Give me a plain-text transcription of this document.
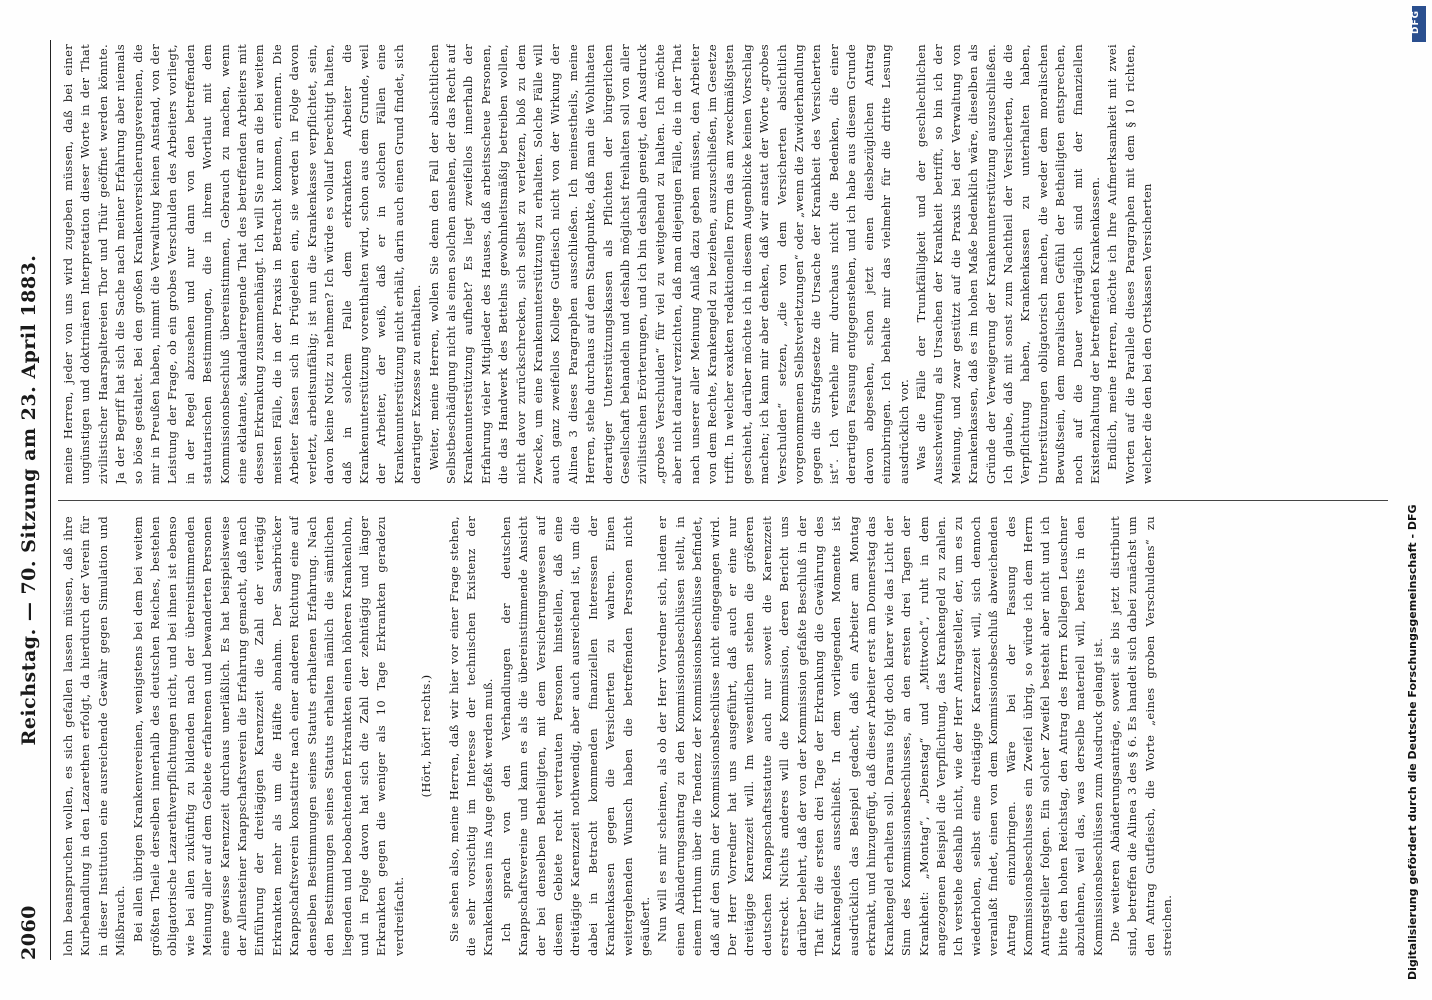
2060
Reichstag. — 70. Sitzung am 23. April 1883. lohn beanspruchen wollen, es sich gefallen lassen müssen, daß ihre Kurbehandlung in den Lazarethen erfolgt, da hierdurch der Verein für in dieser Institution eine ausreichende Gewähr gegen Simulation und Mißbrauch. Bei allen übrigen Krankenvereinen, wenigstens bei dem bei weitem größten Theile derselben innerhalb des deutschen Reiches, bestehen obligatorische Lazarethverpflichtungen nicht, und bei ihnen ist ebenso wie bei allen zukünftig zu bildenden nach der übereinstimmenden Meinung aller auf dem Gebiete erfahrenen und bewanderten Personen eine gewisse Karenzzeit durchaus unerläßlich. Es hat beispielsweise der Allensteiner Knappschaftsverein die Erfahrung gemacht, daß nach Einführung der dreitägigen Karenzzeit die Zahl der viertägig Erkrankten mehr als um die Hälfte abnahm. Der Saarbrücker Knappschaftsverein konstatirte nach einer anderen Richtung eine auf denselben Bestimmungen seines Statuts erhaltenen Erfahrung. Nach den Bestimmungen seines Statuts erhalten nämlich die sämtlichen liegenden und beobachtenden Erkrankten einen höheren Krankenlohn, und in Folge davon hat sich die Zahl der zehntägig und länger Erkrankten gegen die weniger als 10 Tage Erkrankten geradezu verdreifacht.

(Hört, hört! rechts.) Sie sehen also, meine Herren, daß wir hier vor einer Frage stehen, die sehr vorsichtig im Interesse der technischen Existenz der Krankenkassen ins Auge gefaßt werden muß. Ich sprach von den Verhandlungen der deutschen Knappschaftsvereine und kann es als die übereinstimmende Ansicht der bei denselben Betheiligten, mit dem Versicherungswesen auf diesem Gebiete recht vertrauten Personen hinstellen, daß eine dreitägige Karenzzeit nothwendig, aber auch ausreichend ist, um die dabei in Betracht kommenden finanziellen Interessen der Krankenkassen gegen die Versicherten zu wahren. Einen weitergehenden Wunsch haben die betreffenden Personen nicht geäußert. Nun will es mir scheinen, als ob der Herr Vorredner sich, indem er einen Abänderungsantrag zu den Kommissionsbeschlüssen stellt, in einem Irrthum über die Tendenz der Kommissionsbeschlüsse befindet, daß auf den Sinn der Kommissionsbeschlüsse nicht eingegangen wird. Der Herr Vorredner hat uns ausgeführt, daß auch er eine nur dreitägige Karenzzeit will. Im wesentlichen stehen die größeren deutschen Knappschaftsstatute auch nur soweit die Karenzzeit erstreckt. Nichts anderes will die Kommission, deren Bericht uns darüber belehrt, daß der von der Kommission gefaßte Beschluß in der That für die ersten drei Tage der Erkrankung die Gewährung des Krankengeldes ausschließt. In dem vorliegenden Momente ist ausdrücklich das Beispiel gedacht, daß ein Arbeiter am Montag erkrankt, und hinzugefügt, daß dieser Arbeiter erst am Donnerstag das Krankengeld erhalten soll. Daraus folgt doch klarer wie das Licht der Sinn des Kommissionsbeschlusses, an den ersten drei Tagen der Krankheit: „Montag“, „Dienstag“ und „Mittwoch“, ruht in dem angezogenen Beispiel die Verpflichtung, das Krankengeld zu zahlen. Ich verstehe deshalb nicht, wie der Herr Antragsteller, der, um es zu wiederholen, selbst eine dreitägige Karenzzeit will, sich dennoch veranlaßt findet, einen von dem Kommissionsbeschluß abweichenden Antrag einzubringen. Wäre bei der Fassung des Kommissionsbeschlusses ein Zweifel übrig, so würde ich dem Herrn Antragsteller folgen. Ein solcher Zweifel besteht aber nicht und ich bitte den hohen Reichstag, den Antrag des Herrn Kollegen Leuschner abzulehnen, weil das, was derselbe materiell will, bereits in den Kommissionsbeschlüssen zum Ausdruck gelangt ist. Die weiteren Abänderungsanträge, soweit sie bis jetzt distribuirt sind, betreffen die Alinea 3 des § 6. Es handelt sich dabei zunächst um den Antrag Gutfleisch, die Worte „eines groben Verschuldens“ zu streichen.

meine Herren, jeder von uns wird zugeben müssen, daß bei einer ungünstigen und doktrinären Interpretation dieser Worte in der That zivilistischer Haarspaltereien Thor und Thür geöffnet werden könnte. Ja der Begriff hat sich die Sache nach meiner Erfahrung aber niemals so böse gestaltet. Bei den großen Krankenversicherungsvereinen, die mir in Preußen haben, nimmt die Verwaltung keinen Anstand, von der Leistung der Frage, ob ein grobes Verschulden des Arbeiters vorliegt, in der Regel abzusehen und nur dann von den betreffenden statutarischen Bestimmungen, die in ihrem Wortlaut mit dem Kommissionsbeschluß übereinstimmen, Gebrauch zu machen, wenn eine eklatante, skandalerregende That des betreffenden Arbeiters mit dessen Erkrankung zusammenhängt. Ich will Sie nur an die bei weitem meisten Fälle, die in der Praxis in Betracht kommen, erinnern. Die Arbeiter fassen sich in Prügeleien ein, sie werden in Folge davon verletzt, arbeitsunfähig; ist nun die Krankenkasse verpflichtet, sein, davon keine Notiz zu nehmen? Ich würde es vollauf berechtigt halten, daß in solchem Falle dem erkrankten Arbeiter die Krankenunterstützung vorenthalten wird, schon aus dem Grunde, weil der Arbeiter, der weiß, daß er in solchen Fällen eine Krankenunterstützung nicht erhält, darin auch einen Grund findet, sich derartiger Exzesse zu enthalten. Weiter, meine Herren, wollen Sie denn den Fall der absichtlichen Selbstbeschädigung nicht als einen solchen ansehen, der das Recht auf Krankenunterstützung aufhebt? Es liegt zweifellos innerhalb der Erfahrung vieler Mitglieder des Hauses, daß arbeitsscheue Personen, die das Handwerk des Bettelns gewohnheitsmäßig betreiben wollen, nicht davor zurückschrecken, sich selbst zu verletzen, bloß zu dem Zwecke, um eine Krankenunterstützung zu erhalten. Solche Fälle will auch ganz zweifellos Kollege Gutfleisch nicht von der Wirkung der Alinea 3 dieses Paragraphen ausschließen. Ich meinestheils, meine Herren, stehe durchaus auf dem Standpunkte, daß man die Wohlthaten derartiger Unterstützungskassen als Pflichten der bürgerlichen Gesellschaft behandeln und deshalb möglichst freihalten soll von aller zivilistischen Erörterungen, und ich bin deshalb geneigt, den Ausdruck „grobes Verschulden“ für viel zu weitgehend zu halten. Ich möchte aber nicht darauf verzichten, daß man diejenigen Fälle, die in der That nach unserer aller Meinung Anlaß dazu geben müssen, den Arbeiter von dem Rechte, Krankengeld zu beziehen, auszuschließen, im Gesetze trifft. In welcher exakten redaktionellen Form das am zweckmäßigsten geschieht, darüber möchte ich in diesem Augenblicke keinen Vorschlag machen; ich kann mir aber denken, daß wir anstatt der Worte „grobes Verschulden“ setzen, „die von dem Versicherten absichtlich vorgenommenen Selbstverletzungen“ oder „wenn die Zuwiderhandlung gegen die Strafgesetze die Ursache der Krankheit des Versicherten ist“. Ich verhehle mir durchaus nicht die Bedenken, die einer derartigen Fassung entgegenstehen, und ich habe aus diesem Grunde davon abgesehen, schon jetzt einen diesbezüglichen Antrag einzubringen. Ich behalte mir das vielmehr für die dritte Lesung ausdrücklich vor. Was die Fälle der Trunkfälligkeit und der geschlechtlichen Ausschweifung als Ursachen der Krankheit betrifft, so bin ich der Meinung, und zwar gestützt auf die Praxis bei der Verwaltung von Krankenkassen, daß es im hohen Maße bedenklich wäre, dieselben als Gründe der Verweigerung der Krankenunterstützung auszuschließen. Ich glaube, daß mit sonst zum Nachtheil der Versicherten, die die Verpflichtung haben, Krankenkassen zu unterhalten haben, Unterstützungen obligatorisch machen, die weder dem moralischen Bewußtsein, dem moralischen Gefühl der Betheiligten entsprechen, noch auf die Dauer verträglich sind mit der finanziellen Existenzhaltung der betreffenden Krankenkassen. Endlich, meine Herren, möchte ich Ihre Aufmerksamkeit mit zwei Worten auf die Parallele dieses Paragraphen mit dem § 10 richten, welcher die den bei den Ortskassen Versicherten

DFG
Digitalisierung gefördert durch die Deutsche Forschungsgemeinschaft - DFG
